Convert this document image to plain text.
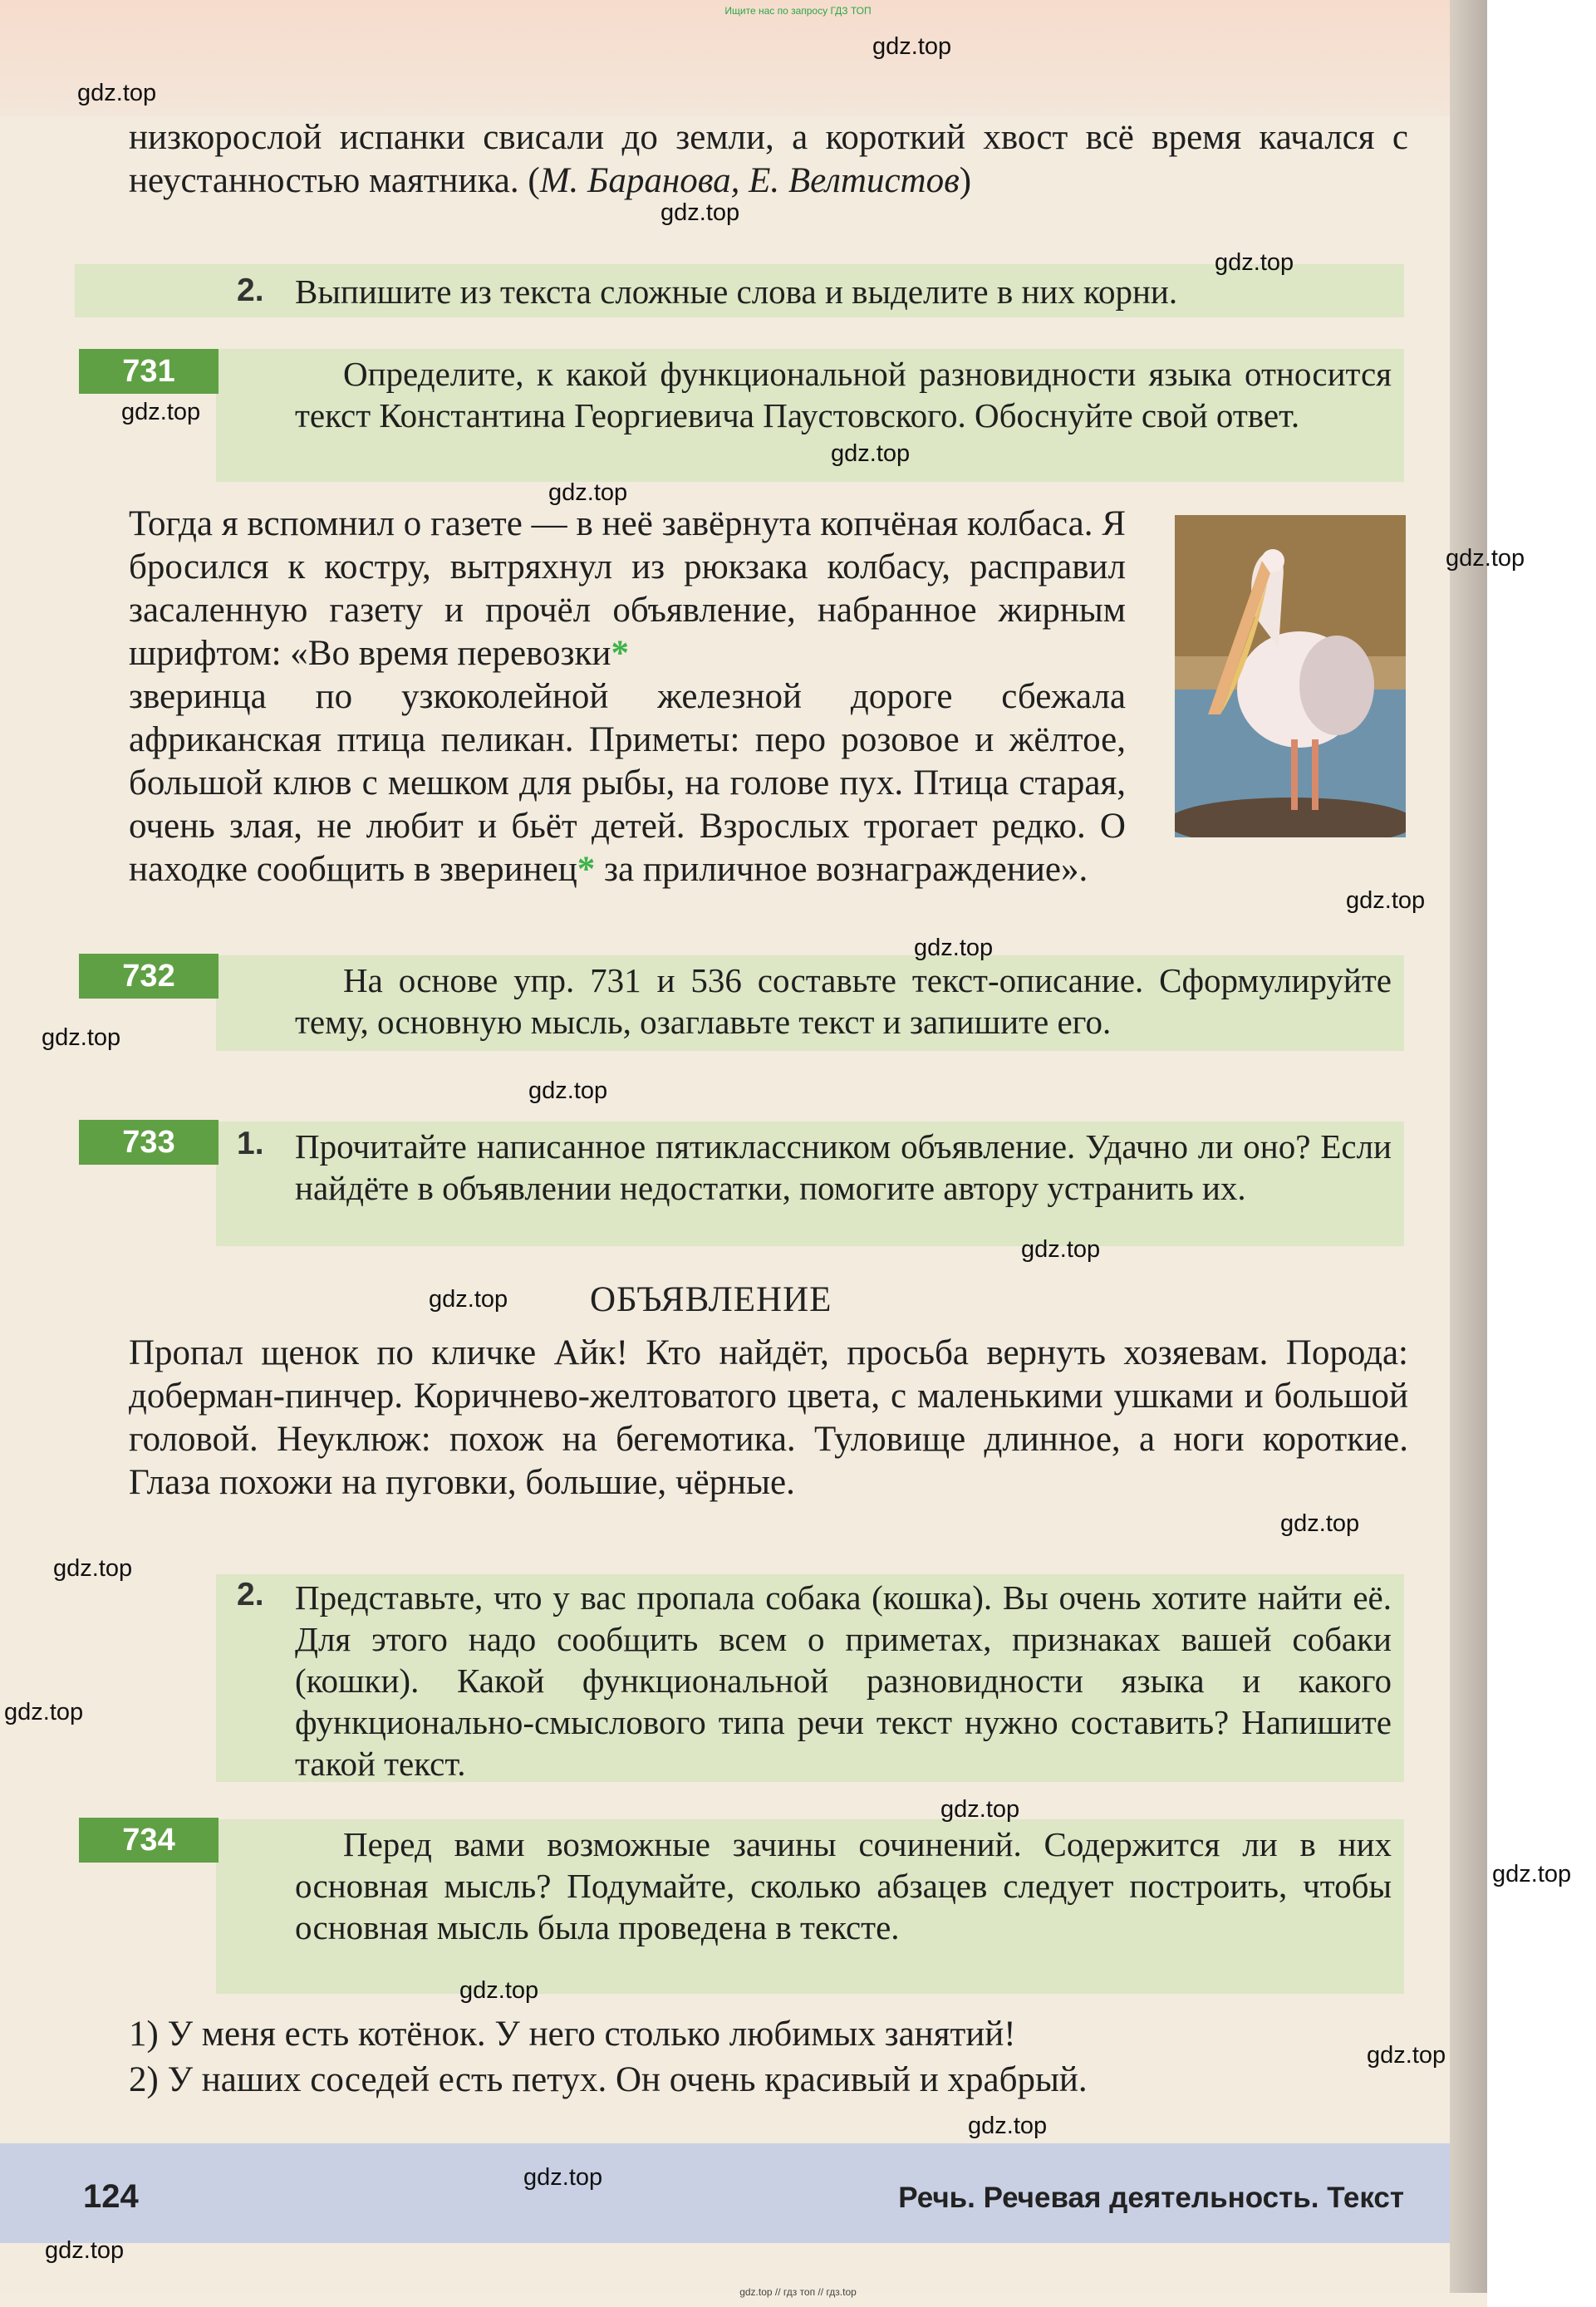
Ищите нас по запросу ГДЗ ТОП

низкорослой испанки свисали до земли, а короткий хвост всё время качался с неустанностью маятника. (М. Баранова, Е. Велтистов)

2. Выпишите из текста сложные слова и выделите в них корни.

731	Определите, к какой функциональной разновидности языка относится текст Константина Георгиевича Паустовского. Обоснуйте свой ответ.

Тогда я вспомнил о газете — в неё завёрнута копчёная колбаса. Я бросился к костру, вытряхнул из рюкзака колбасу, расправил засаленную газету и прочёл объявление, набранное жирным шрифтом: «Во время перевозки*

зверинца по узкоколейной железной дороге сбежала африканская птица пеликан. Приметы: перо розовое и жёлтое, большой клюв с мешком для рыбы, на голове пух. Птица старая, очень злая, не любит и бьёт детей. Взрослых трогает редко. О находке сообщить в зверинец* за приличное вознаграждение».

732	На основе упр. 731 и 536 составьте текст-описание. Сформулируйте тему, основную мысль, озаглавьте текст и запишите его.

733	1. Прочитайте написанное пятиклассником объявление. Удачно ли оно? Если найдёте в объявлении недостатки, помогите автору устранить их.

ОБЪЯВЛЕНИЕ

Пропал щенок по кличке Айк! Кто найдёт, просьба вернуть хозяевам. Порода: доберман-пинчер. Коричнево-желтоватого цвета, с маленькими ушками и большой головой. Неуклюж: похож на бегемотика. Туловище длинное, а ноги короткие. Глаза похожи на пуговки, большие, чёрные.

2. Представьте, что у вас пропала собака (кошка). Вы очень хотите найти её. Для этого надо сообщить всем о приметах, признаках вашей собаки (кошки). Какой функциональной разновидности языка и какого функционально-смыслового типа речи текст нужно составить? Напишите такой текст.

734	Перед вами возможные зачины сочинений. Содержится ли в них основная мысль? Подумайте, сколько абзацев следует построить, чтобы основная мысль была проведена в тексте.

1) У меня есть котёнок. У него столько любимых занятий!

2) У наших соседей есть петух. Он очень красивый и храбрый.

124	Речь. Речевая деятельность. Текст
gdz.top
gdz.top
gdz.top
gdz.top
gdz.top
gdz.top
gdz.top
gdz.top
gdz.top
gdz.top
gdz.top
gdz.top
gdz.top
gdz.top
gdz.top
gdz.top
gdz.top
gdz.top
gdz.top
gdz.top
gdz.top
gdz.top
gdz.top
gdz.top
gdz.top // гдз топ // гдз.top
